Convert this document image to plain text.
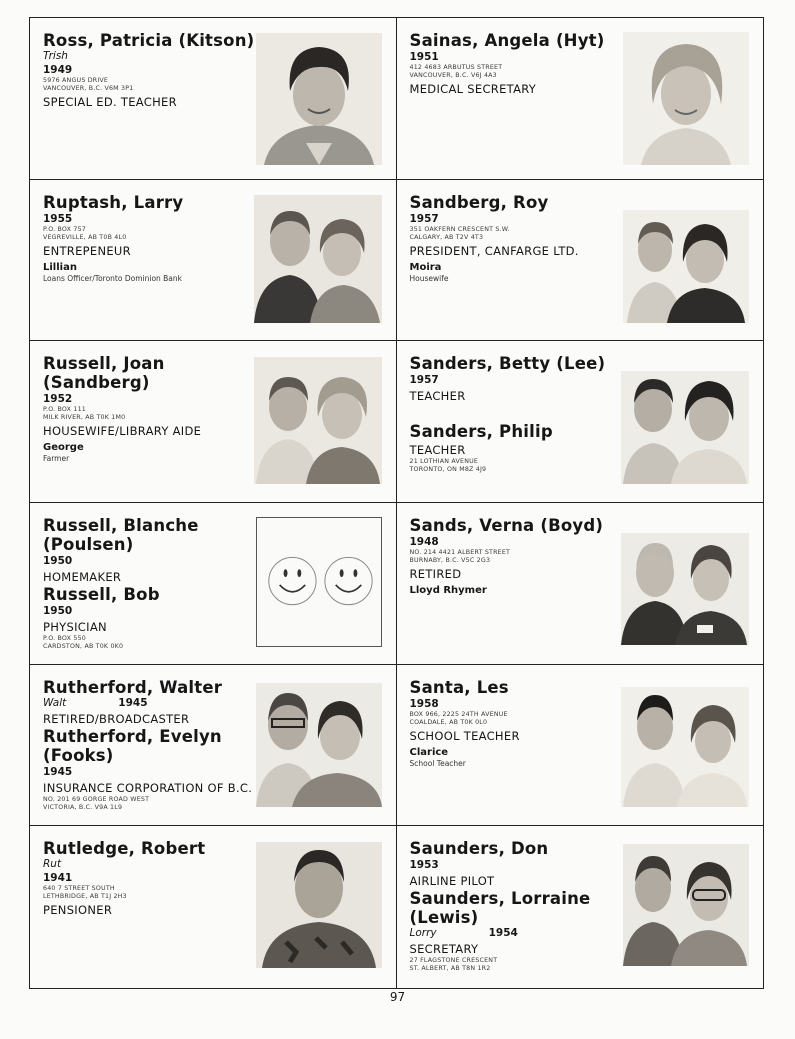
Ross, Patricia (Kitson)
Trish
1949
5976 ANGUS DRIVE
VANCOUVER, B.C. V6M 3P1
SPECIAL ED. TEACHER
Sainas, Angela (Hyt)
1951
412 4683 ARBUTUS STREET
VANCOUVER, B.C. V6J 4A3
MEDICAL SECRETARY
Ruptash, Larry
1955
P.O. BOX 757
VEGREVILLE, AB T0B 4L0
ENTREPENEUR
Lillian
Loans Officer/Toronto Dominion Bank
Sandberg, Roy
1957
351 OAKFERN CRESCENT S.W.
CALGARY, AB T2V 4T3
PRESIDENT, CANFARGE LTD.
Moira
Housewife
Russell, Joan
(Sandberg)
1952
P.O. BOX 111
MILK RIVER, AB T0K 1M0
HOUSEWIFE/LIBRARY AIDE
George
Farmer
Sanders, Betty (Lee)
1957
TEACHER
Sanders, Philip
TEACHER
21 LOTHIAN AVENUE
TORONTO, ON M8Z 4J9
Russell, Blanche
(Poulsen)
1950
HOMEMAKER
Russell, Bob
1950
PHYSICIAN
P.O. BOX 550
CARDSTON, AB T0K 0K0
Sands, Verna (Boyd)
1948
NO. 214 4421 ALBERT STREET
BURNABY, B.C. V5C 2G3
RETIRED
Lloyd Rhymer
Rutherford, Walter
Walt	1945
RETIRED/BROADCASTER
Rutherford, Evelyn
(Fooks)
1945
INSURANCE CORPORATION OF B.C.
NO. 201 69 GORGE ROAD WEST
VICTORIA, B.C. V9A 1L9
Santa, Les
1958
BOX 966, 2225 24TH AVENUE
COALDALE, AB T0K 0L0
SCHOOL TEACHER
Clarice
School Teacher
Rutledge, Robert
Rut
1941
640 7 STREET SOUTH
LETHBRIDGE, AB T1J 2H3
PENSIONER
Saunders, Don
1953
AIRLINE PILOT
Saunders, Lorraine
(Lewis)
Lorry	1954
SECRETARY
27 FLAGSTONE CRESCENT
ST. ALBERT, AB T8N 1R2
97
